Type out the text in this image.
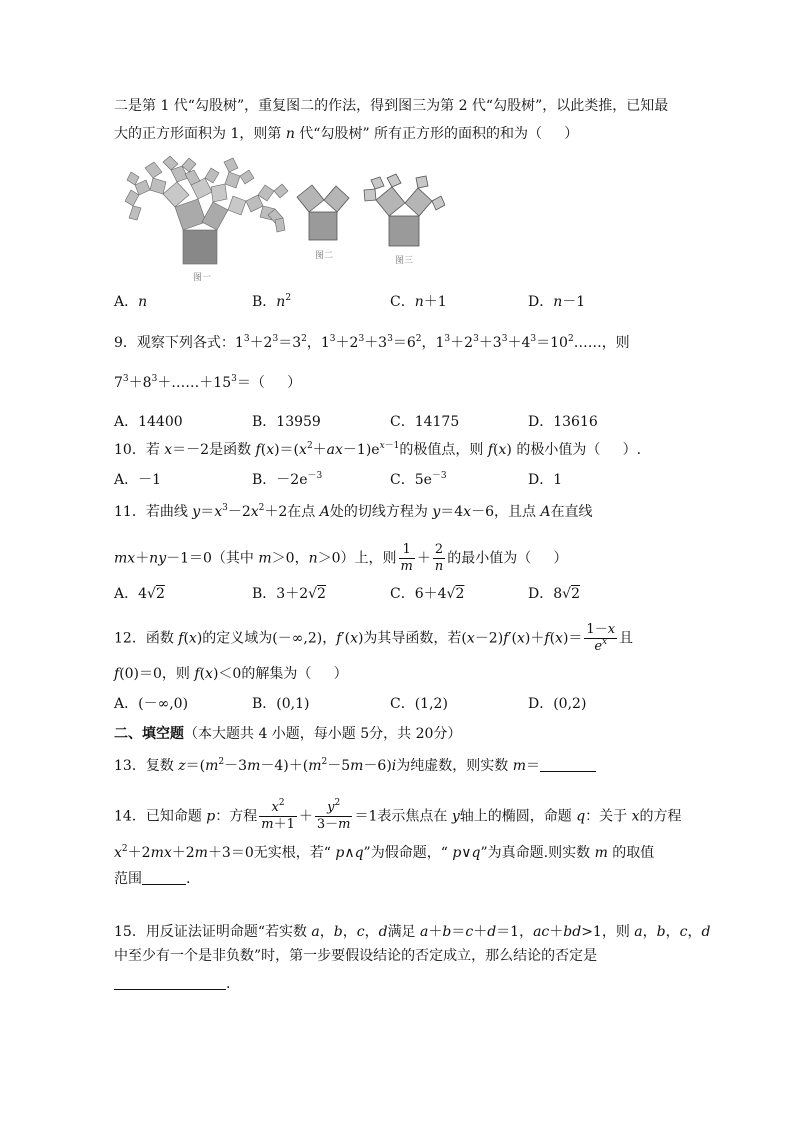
二是第 1 代“勾股树”，重复图二的作法，得到图三为第 2 代“勾股树”，以此类推，已知最
大的正方形面积为 1，则第 n 代“勾股树” 所有正方形的面积的和为（     ）
图一
图二	图三
A．n	B．$n^2$	C．n＋1	D．n－1
9．观察下列各式：$1^3+2^3=3^2$，$1^3+2^3+3^3=6^2$，$1^3+2^3+3^3+4^3=10^2\dots\dots$，则
$7^3+8^3+\dots\dots+15^3=$（     ）
A．14400	B．13959	C．14175	D．13616
10．若 x＝－2是函数 $f(x)=(x^2+ax-1)e^{x-1}$的极值点，则 f(x) 的极小值为（     ）.
A．－1	B．$-2e^{-3}$	C．$5e^{-3}$	D．1
11．若曲线 $y=x^3-2x^2+2$在点 A处的切线方程为 y＝4x－6，且点 A在直线
mx＋ny－1＝0（其中 m＞0，n＞0）上，则 $\frac{1}{m} + \frac{2}{n}$ 的最小值为（     ）
A．4√2	B．3＋2√2	C．6＋4√2	D．8√2
12．函数 f(x)的定义域为(－∞,2)，f′(x)为其导函数，若$(x-2)f'(x)+f(x)= \frac{1-x}{e^x}$ 且
f(0)＝0，则 f(x)＜0的解集为（     ）
A．(－∞,0)	B．(0,1)	C．(1,2)	D．(0,2)
二、填空题（本大题共 4 小题，每小题 5分，共 20分）
13．复数 $z=(m^2-3m-4)+(m^2-5m-6)i$为纯虚数，则实数 m＝
14．已知命题 p：方程 $\frac{x^2}{m+1} + \frac{y^2}{3-m} =1$表示焦点在 y轴上的椭圆，命题 q：关于 x的方程
$x^2+2mx+2m+3=0$无实根，若“ p∧q”为假命题，“ p∨q”为真命题.则实数 m 的取值
范围	.
15．用反证法证明命题“若实数 a，b，c，d满足 a＋b＝c＋d＝1，ac＋bd>1，则 a，b，c，d
中至少有一个是非负数”时，第一步要假设结论的否定成立，那么结论的否定是
.
